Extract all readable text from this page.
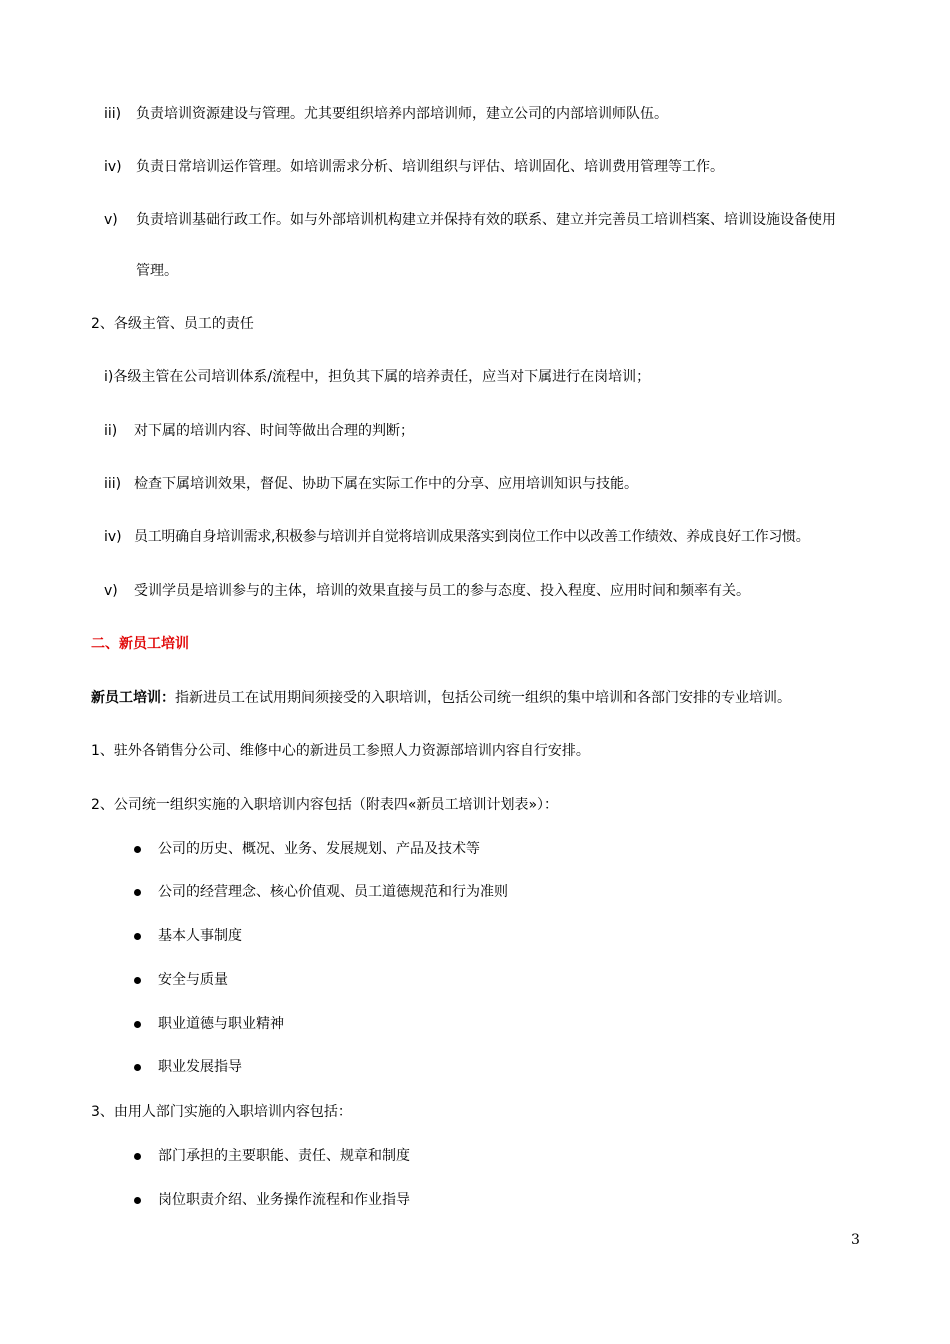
iii) 负责培训资源建设与管理。尤其要组织培养内部培训师，建立公司的内部培训师队伍。
iv) 负责日常培训运作管理。如培训需求分析、培训组织与评估、培训固化、培训费用管理等工作。
v) 负责培训基础行政工作。如与外部培训机构建立并保持有效的联系、建立并完善员工培训档案、培训设施设备使用
管理。
2、各级主管、员工的责任
i)各级主管在公司培训体系/流程中，担负其下属的培养责任，应当对下属进行在岗培训；
ii) 对下属的培训内容、时间等做出合理的判断；
iii) 检查下属培训效果，督促、协助下属在实际工作中的分享、应用培训知识与技能。
iv) 员工明确自身培训需求,积极参与培训并自觉将培训成果落实到岗位工作中以改善工作绩效、养成良好工作习惯。
v) 受训学员是培训参与的主体，培训的效果直接与员工的参与态度、投入程度、应用时间和频率有关。
二、新员工培训
新员工培训：指新进员工在试用期间须接受的入职培训，包括公司统一组织的集中培训和各部门安排的专业培训。
1、驻外各销售分公司、维修中心的新进员工参照人力资源部培训内容自行安排。
2、公司统一组织实施的入职培训内容包括（附表四«新员工培训计划表»）：
公司的历史、概况、业务、发展规划、产品及技术等
公司的经营理念、核心价值观、员工道德规范和行为准则
基本人事制度
安全与质量
职业道德与职业精神
职业发展指导
3、由用人部门实施的入职培训内容包括：
部门承担的主要职能、责任、规章和制度
岗位职责介绍、业务操作流程和作业指导
3
